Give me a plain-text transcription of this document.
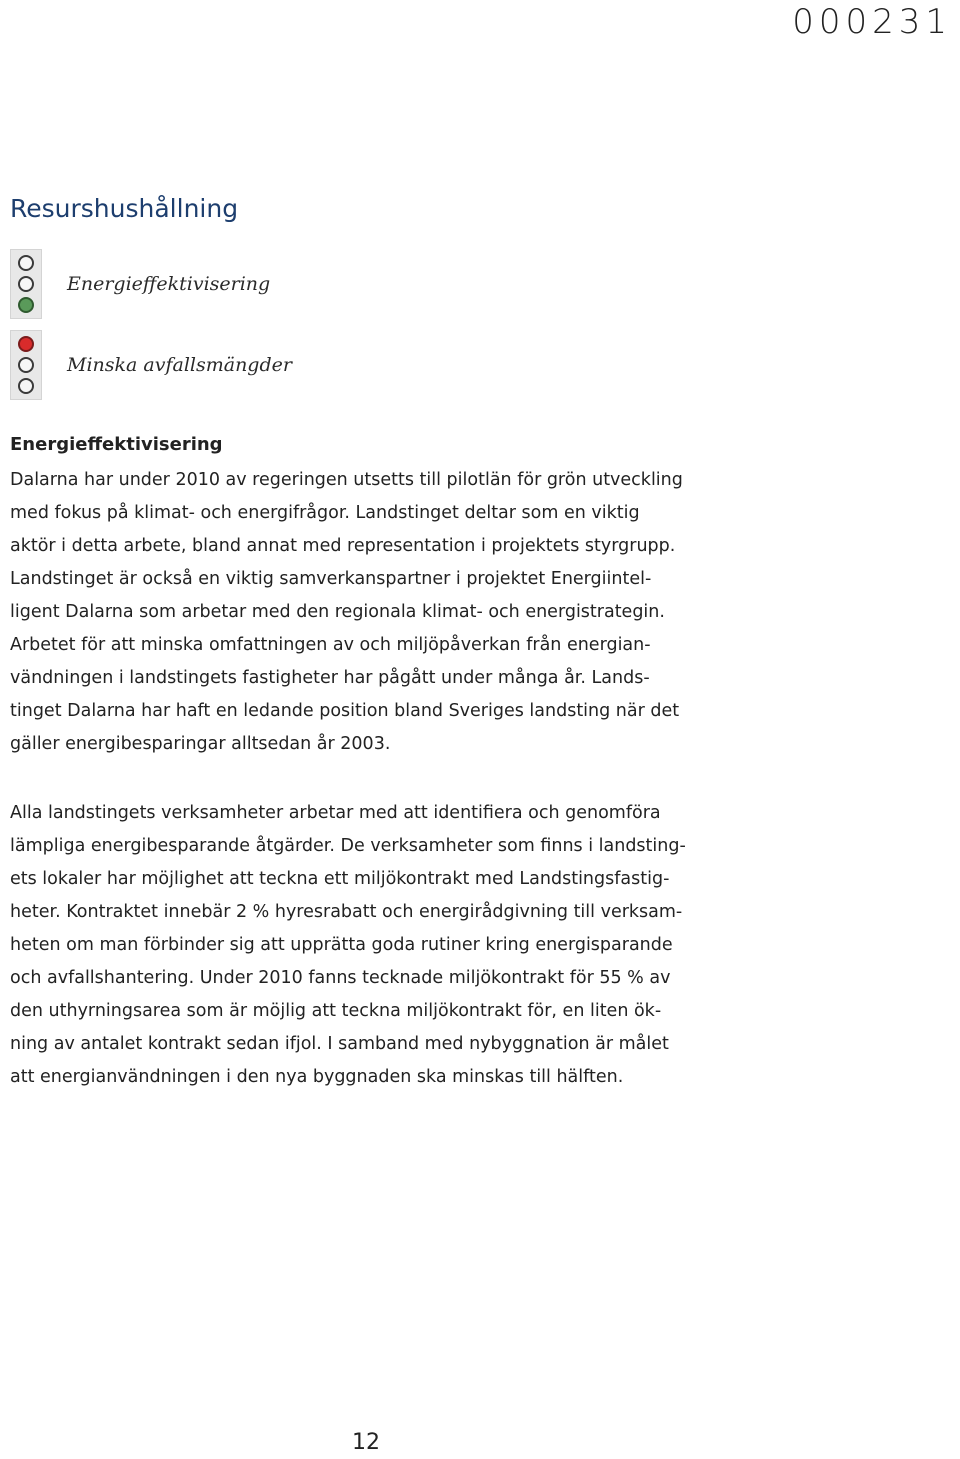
000231
Resurshushållning
Energieffektivisering
Minska avfallsmängder
Energieffektivisering
Dalarna har under 2010 av regeringen utsetts till pilotlän för grön utveckling
med fokus på klimat- och energifrågor. Landstinget deltar som en viktig
aktör i detta arbete, bland annat med representation i projektets styrgrupp.
Landstinget är också en viktig samverkanspartner i projektet Energiintel-
ligent Dalarna som arbetar med den regionala klimat- och energistrategin.
Arbetet för att minska omfattningen av och miljöpåverkan från energian-
vändningen i landstingets fastigheter har pågått under många år. Lands-
tinget Dalarna har haft en ledande position bland Sveriges landsting när det
gäller energibesparingar alltsedan år 2003.
Alla landstingets verksamheter arbetar med att identifiera och genomföra
lämpliga energibesparande åtgärder. De verksamheter som finns i landsting-
ets lokaler har möjlighet att teckna ett miljökontrakt med Landstingsfastig-
heter. Kontraktet innebär 2 % hyresrabatt och energirådgivning till verksam-
heten om man förbinder sig att upprätta goda rutiner kring energisparande
och avfallshantering. Under 2010 fanns tecknade miljökontrakt för 55 % av
den uthyrningsarea som är möjlig att teckna miljökontrakt för, en liten ök-
ning av antalet kontrakt sedan ifjol. I samband med nybyggnation är målet
att energianvändningen i den nya byggnaden ska minskas till hälften.
12
